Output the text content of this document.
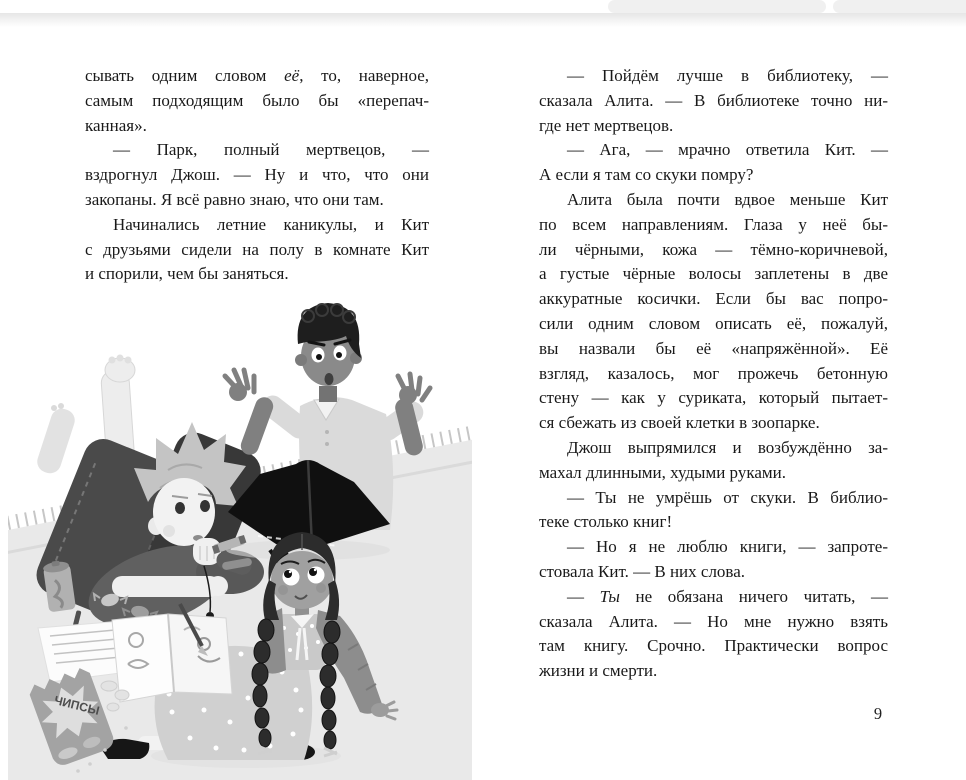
сывать одним словом её, то, наверное,
самым подходящим было бы «перепач-
канная».
— Парк, полный мертвецов, —
вздрогнул Джош. — Ну и что, что они
закопаны. Я всё равно знаю, что они там.
Начинались летние каникулы, и Кит
с друзьями сидели на полу в комнате Кит
и спорили, чем бы заняться.
— Пойдём лучше в библиотеку, —
сказала Алита. — В библиотеке точно ни-
где нет мертвецов.
— Ага, — мрачно ответила Кит. —
А если я там со скуки помру?
Алита была почти вдвое меньше Кит
по всем направлениям. Глаза у неё бы-
ли чёрными, кожа — тёмно-коричневой,
а густые чёрные волосы заплетены в две
аккуратные косички. Если бы вас попро-
сили одним словом описать её, пожалуй,
вы назвали бы её «напряжённой». Её
взгляд, казалось, мог прожечь бетонную
стену — как у суриката, который пытает-
ся сбежать из своей клетки в зоопарке.
Джош выпрямился и возбуждённо за-
махал длинными, худыми руками.
— Ты не умрёшь от скуки. В библио-
теке столько книг!
— Но я не люблю книги, — запроте-
стовала Кит. — В них слова.
— Ты не обязана ничего читать, —
сказала Алита. — Но мне нужно взять
там книгу. Срочно. Практически вопрос
жизни и смерти.
9
ЧИПСЫ
